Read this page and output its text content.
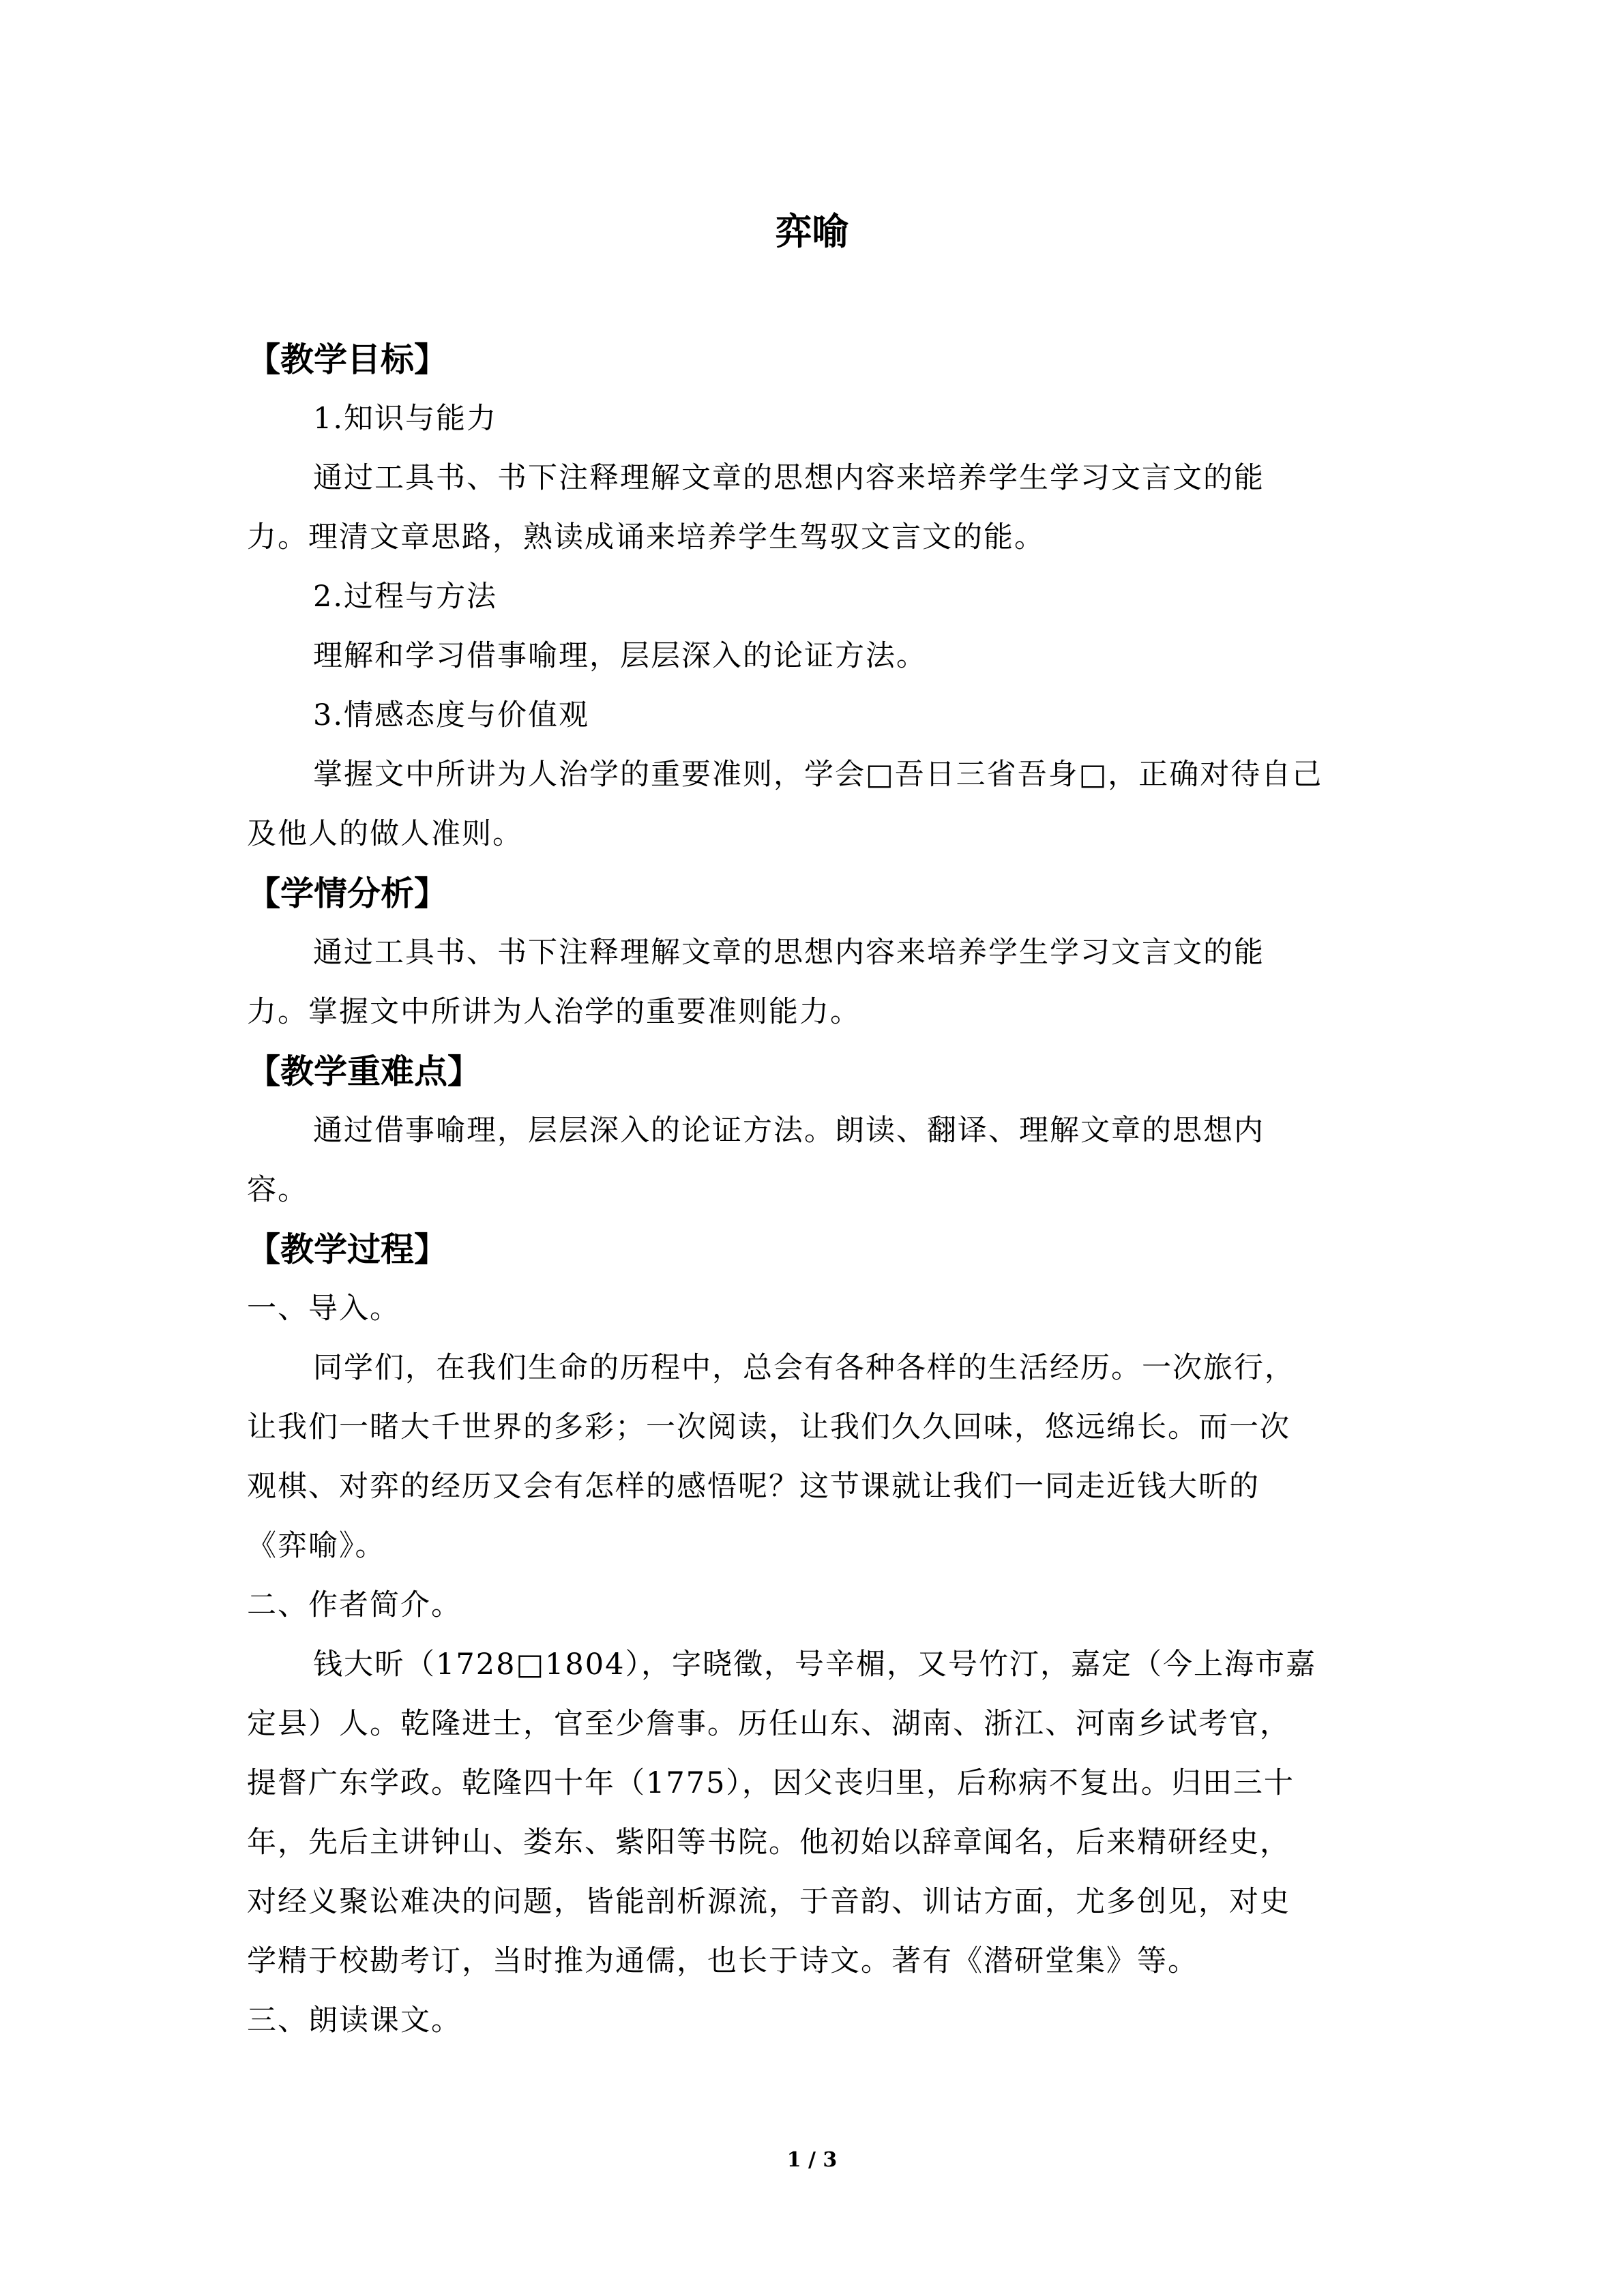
弈喻
【教学目标】
1.知识与能力
通过工具书、书下注释理解文章的思想内容来培养学生学习文言文的能
力。理清文章思路，熟读成诵来培养学生驾驭文言文的能。
2.过程与方法
理解和学习借事喻理，层层深入的论证方法。
3.情感态度与价值观
掌握文中所讲为人治学的重要准则，学会□吾日三省吾身□，正确对待自己
及他人的做人准则。
【学情分析】
通过工具书、书下注释理解文章的思想内容来培养学生学习文言文的能
力。掌握文中所讲为人治学的重要准则能力。
【教学重难点】
通过借事喻理，层层深入的论证方法。朗读、翻译、理解文章的思想内
容。
【教学过程】
一、导入。
同学们，在我们生命的历程中，总会有各种各样的生活经历。一次旅行，
让我们一睹大千世界的多彩；一次阅读，让我们久久回味，悠远绵长。而一次
观棋、对弈的经历又会有怎样的感悟呢？这节课就让我们一同走近钱大昕的
《弈喻》。
二、作者简介。
钱大昕（1728□1804），字晓徵，号辛楣，又号竹汀，嘉定（今上海市嘉
定县）人。乾隆进士，官至少詹事。历任山东、湖南、浙江、河南乡试考官，
提督广东学政。乾隆四十年（1775），因父丧归里，后称病不复出。归田三十
年，先后主讲钟山、娄东、紫阳等书院。他初始以辞章闻名，后来精研经史，
对经义聚讼难决的问题，皆能剖析源流，于音韵、训诂方面，尤多创见，对史
学精于校勘考订，当时推为通儒，也长于诗文。著有《潜研堂集》等。
三、朗读课文。
1 / 3
